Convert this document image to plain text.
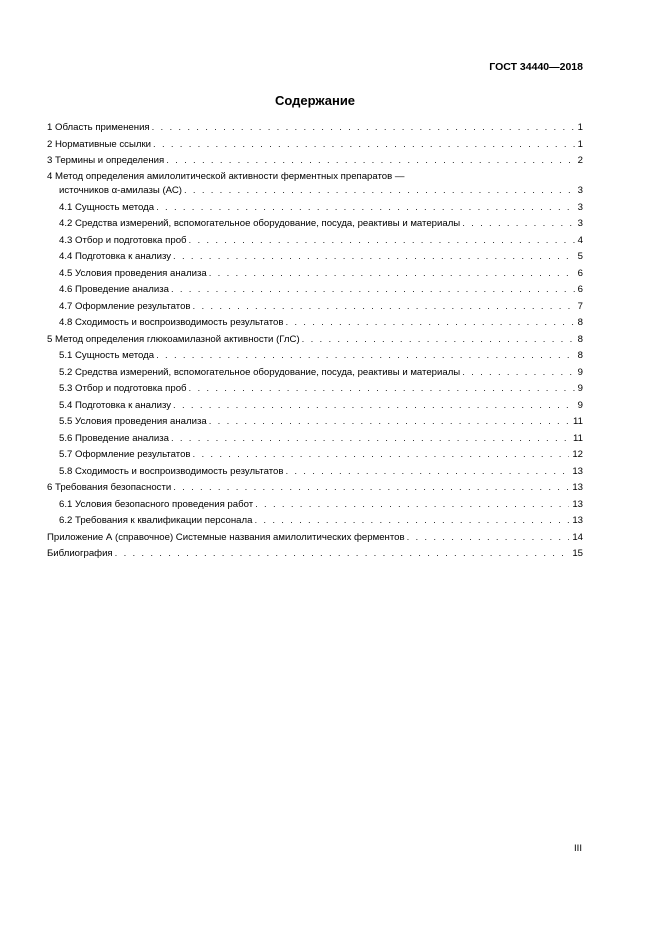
ГОСТ 34440—2018
Содержание
1 Область применения . . .	1
2 Нормативные ссылки . . .	1
3 Термины и определения . . .	2
4 Метод определения амилолитической активности ферментных препаратов —
источников α-амилазы (АС) . . .	3
4.1 Сущность метода . . .	3
4.2 Средства измерений, вспомогательное оборудование, посуда, реактивы и материалы . . .	3
4.3 Отбор и подготовка проб . . .	4
4.4 Подготовка к анализу . . .	5
4.5 Условия проведения анализа . . .	6
4.6 Проведение анализа . . .	6
4.7 Оформление результатов . . .	7
4.8 Сходимость и воспроизводимость результатов . . .	8
5 Метод определения глюкоамилазной активности (ГлС) . . .	8
5.1 Сущность метода . . .	8
5.2 Средства измерений, вспомогательное оборудование, посуда, реактивы и материалы . . .	9
5.3 Отбор и подготовка проб . . .	9
5.4 Подготовка к анализу . . .	9
5.5 Условия проведения анализа . . .	11
5.6 Проведение анализа . . .	11
5.7 Оформление результатов . . .	12
5.8 Сходимость и воспроизводимость результатов . . .	13
6 Требования безопасности . . .	13
6.1 Условия безопасного проведения работ . . .	13
6.2 Требования к квалификации персонала . . .	13
Приложение А (справочное) Системные названия амилолитических ферментов . . .	14
Библиография . . .	15
III
